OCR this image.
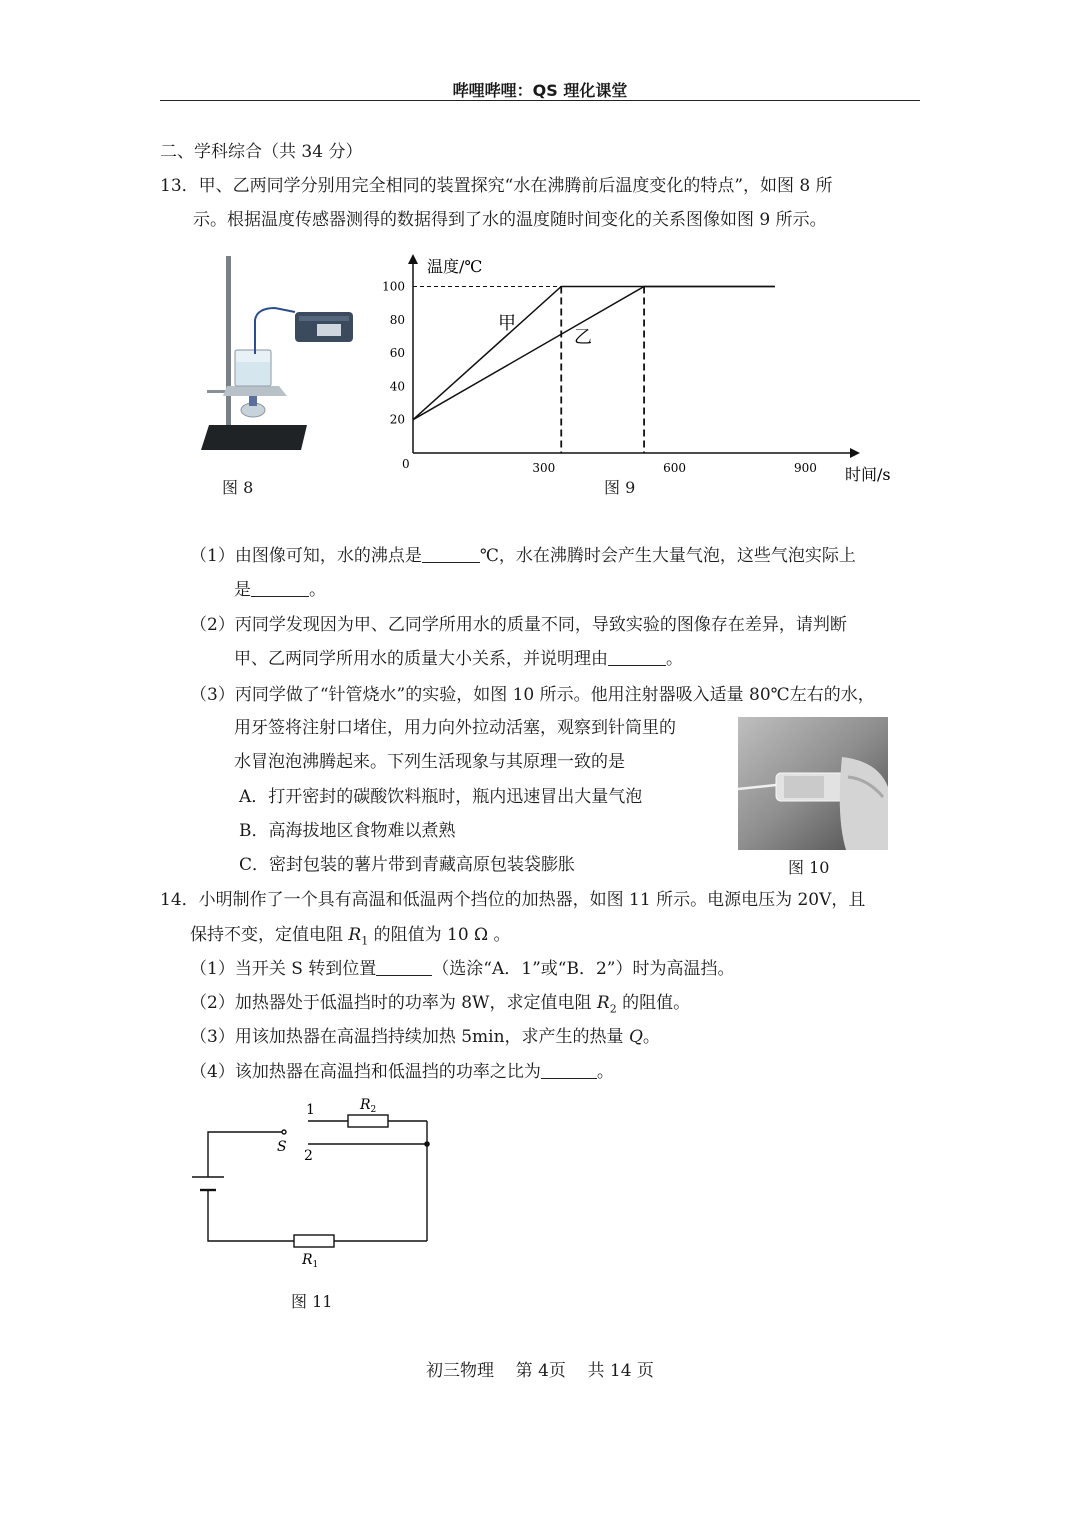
哔哩哔哩：QS 理化课堂
二、学科综合（共 34 分）
13．甲、乙两同学分别用完全相同的装置探究“水在沸腾前后温度变化的特点”，如图 8 所
示。根据温度传感器测得的数据得到了水的温度随时间变化的关系图像如图 9 所示。
图 8
20
40
60
80
100
300	600	900
温度/℃
时间/s
0
甲
乙
图 9
（1）由图像可知，水的沸点是	℃，水在沸腾时会产生大量气泡，这些气泡实际上
是	。
（2）丙同学发现因为甲、乙同学所用水的质量不同，导致实验的图像存在差异，请判断
甲、乙两同学所用水的质量大小关系，并说明理由	。
（3）丙同学做了“针管烧水”的实验，如图 10 所示。他用注射器吸入适量 80℃左右的水，
用牙签将注射口堵住，用力向外拉动活塞，观察到针筒里的
水冒泡泡沸腾起来。下列生活现象与其原理一致的是
A．打开密封的碳酸饮料瓶时，瓶内迅速冒出大量气泡
B．高海拔地区食物难以煮熟
C．密封包装的薯片带到青藏高原包装袋膨胀	图 10
14．小明制作了一个具有高温和低温两个挡位的加热器，如图 11 所示。电源电压为 20V，且
保持不变，定值电阻 $R_1$ 的阻值为 10 Ω 。
（1）当开关 S 转到位置	（选涂“A．1”或“B．2”）时为高温挡。
（2）加热器处于低温挡时的功率为 8W，求定值电阻 $R_2$ 的阻值。
（3）用该加热器在高温挡持续加热 5min，求产生的热量 Q。
（4）该加热器在高温挡和低温挡的功率之比为	。
1
2
S
$R_2$
$R_1$
图 11
初三物理    第 4页    共 14 页
